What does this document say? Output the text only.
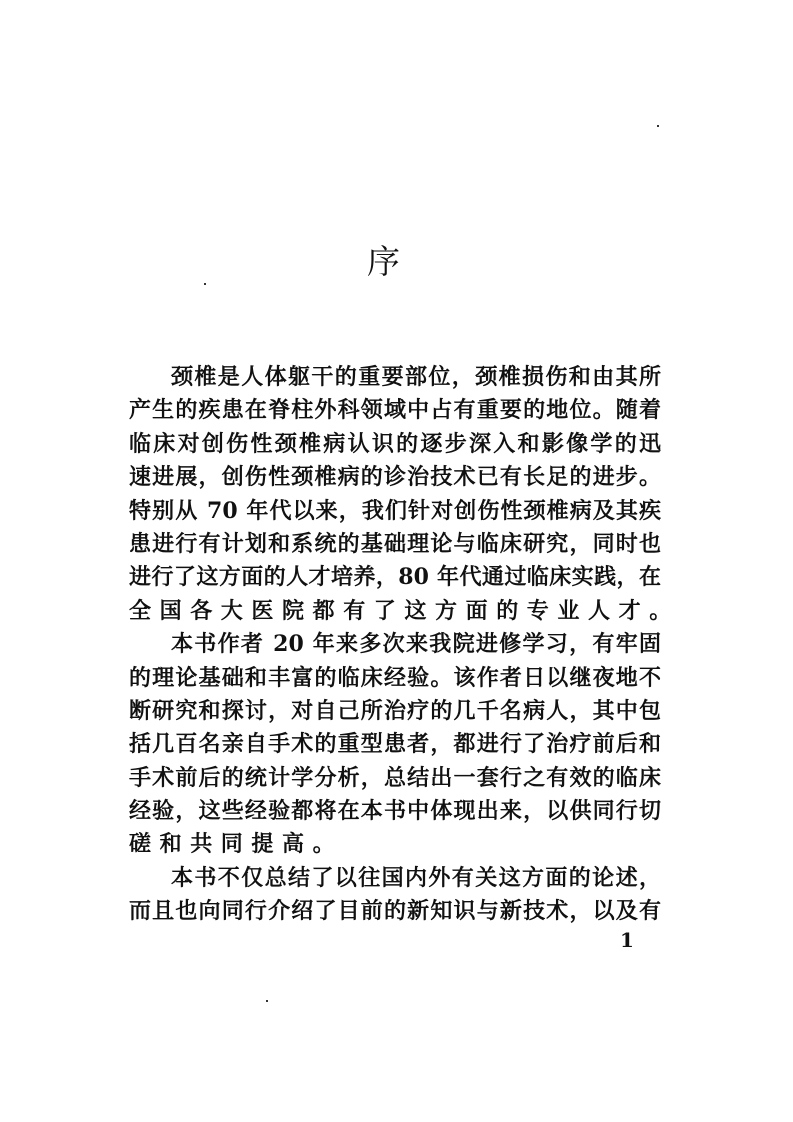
序
颈椎是人体躯干的重要部位，颈椎损伤和由其所
产生的疾患在脊柱外科领域中占有重要的地位。随着
临床对创伤性颈椎病认识的逐步深入和影像学的迅
速进展，创伤性颈椎病的诊治技术已有长足的进步。
特别从 70 年代以来，我们针对创伤性颈椎病及其疾
患进行有计划和系统的基础理论与临床研究，同时也
进行了这方面的人才培养，80 年代通过临床实践，在
全国各大医院都有了这方面的专业人才。
本书作者 20 年来多次来我院进修学习，有牢固
的理论基础和丰富的临床经验。该作者日以继夜地不
断研究和探讨，对自己所治疗的几千名病人，其中包
括几百名亲自手术的重型患者，都进行了治疗前后和
手术前后的统计学分析，总结出一套行之有效的临床
经验，这些经验都将在本书中体现出来，以供同行切
磋和共同提高。
本书不仅总结了以往国内外有关这方面的论述，
而且也向同行介绍了目前的新知识与新技术，以及有
1
